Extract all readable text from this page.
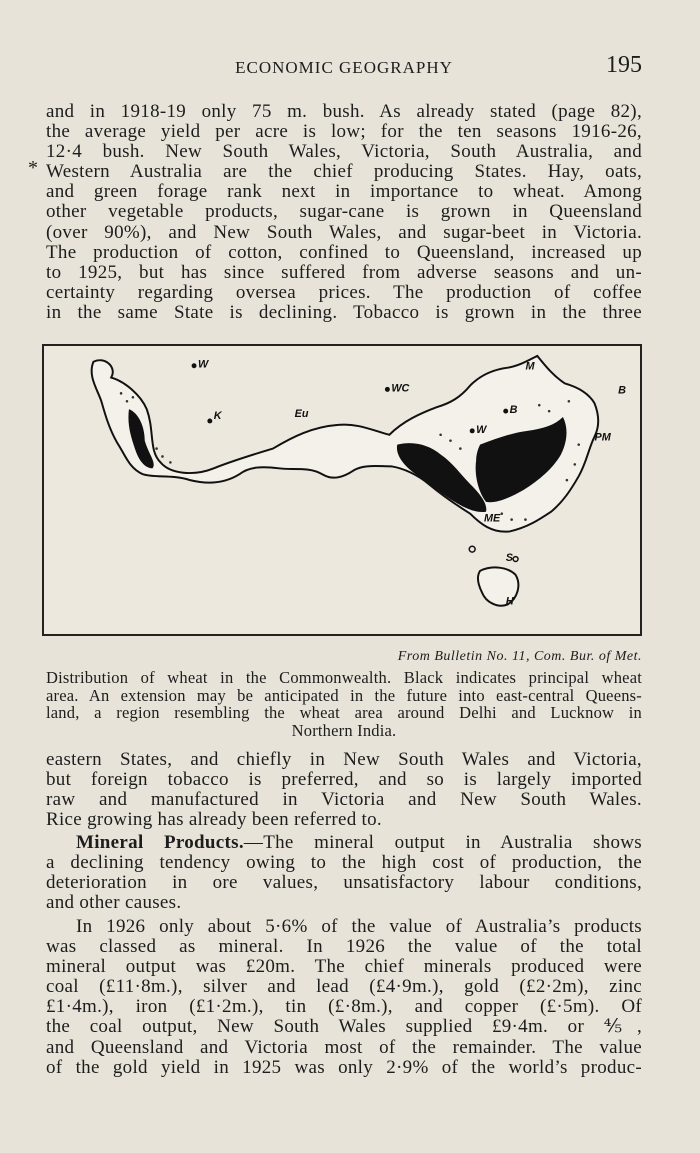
ECONOMIC GEOGRAPHY	195
*
and in 1918-19 only 75 m. bush. As already stated (page 82),
the average yield per acre is low; for the ten seasons 1916-26,
12·4 bush. New South Wales, Victoria, South Australia, and
Western Australia are the chief producing States. Hay, oats,
and green forage rank next in importance to wheat. Among
other vegetable products, sugar-cane is grown in Queensland
(over 90%), and New South Wales, and sugar-beet in Victoria.
The production of cotton, confined to Queensland, increased up
to 1925, but has since suffered from adverse seasons and un-
certainty regarding oversea prices. The production of coffee
in the same State is declining. Tobacco is grown in the three
W	M
WC	B
K	Eu	B
W
PM
ME
S
H
From Bulletin No. 11, Com. Bur. of Met.
Distribution of wheat in the Commonwealth. Black indicates principal wheat
area. An extension may be anticipated in the future into east-central Queens-
land, a region resembling the wheat area around Delhi and Lucknow in
Northern India.
eastern States, and chiefly in New South Wales and Victoria,
but foreign tobacco is preferred, and so is largely imported
raw and manufactured in Victoria and New South Wales.
Rice growing has already been referred to.
Mineral Products.—The mineral output in Australia shows
a declining tendency owing to the high cost of production, the
deterioration in ore values, unsatisfactory labour conditions,
and other causes.
In 1926 only about 5·6% of the value of Australia’s products
was classed as mineral. In 1926 the value of the total
mineral output was £20m. The chief minerals produced were
coal (£11·8m.), silver and lead (£4·9m.), gold (£2·2m), zinc
£1·4m.), iron (£1·2m.), tin (£·8m.), and copper (£·5m). Of
the coal output, New South Wales supplied £9·4m. or ⅘,
and Queensland and Victoria most of the remainder. The value
of the gold yield in 1925 was only 2·9% of the world’s produc-
